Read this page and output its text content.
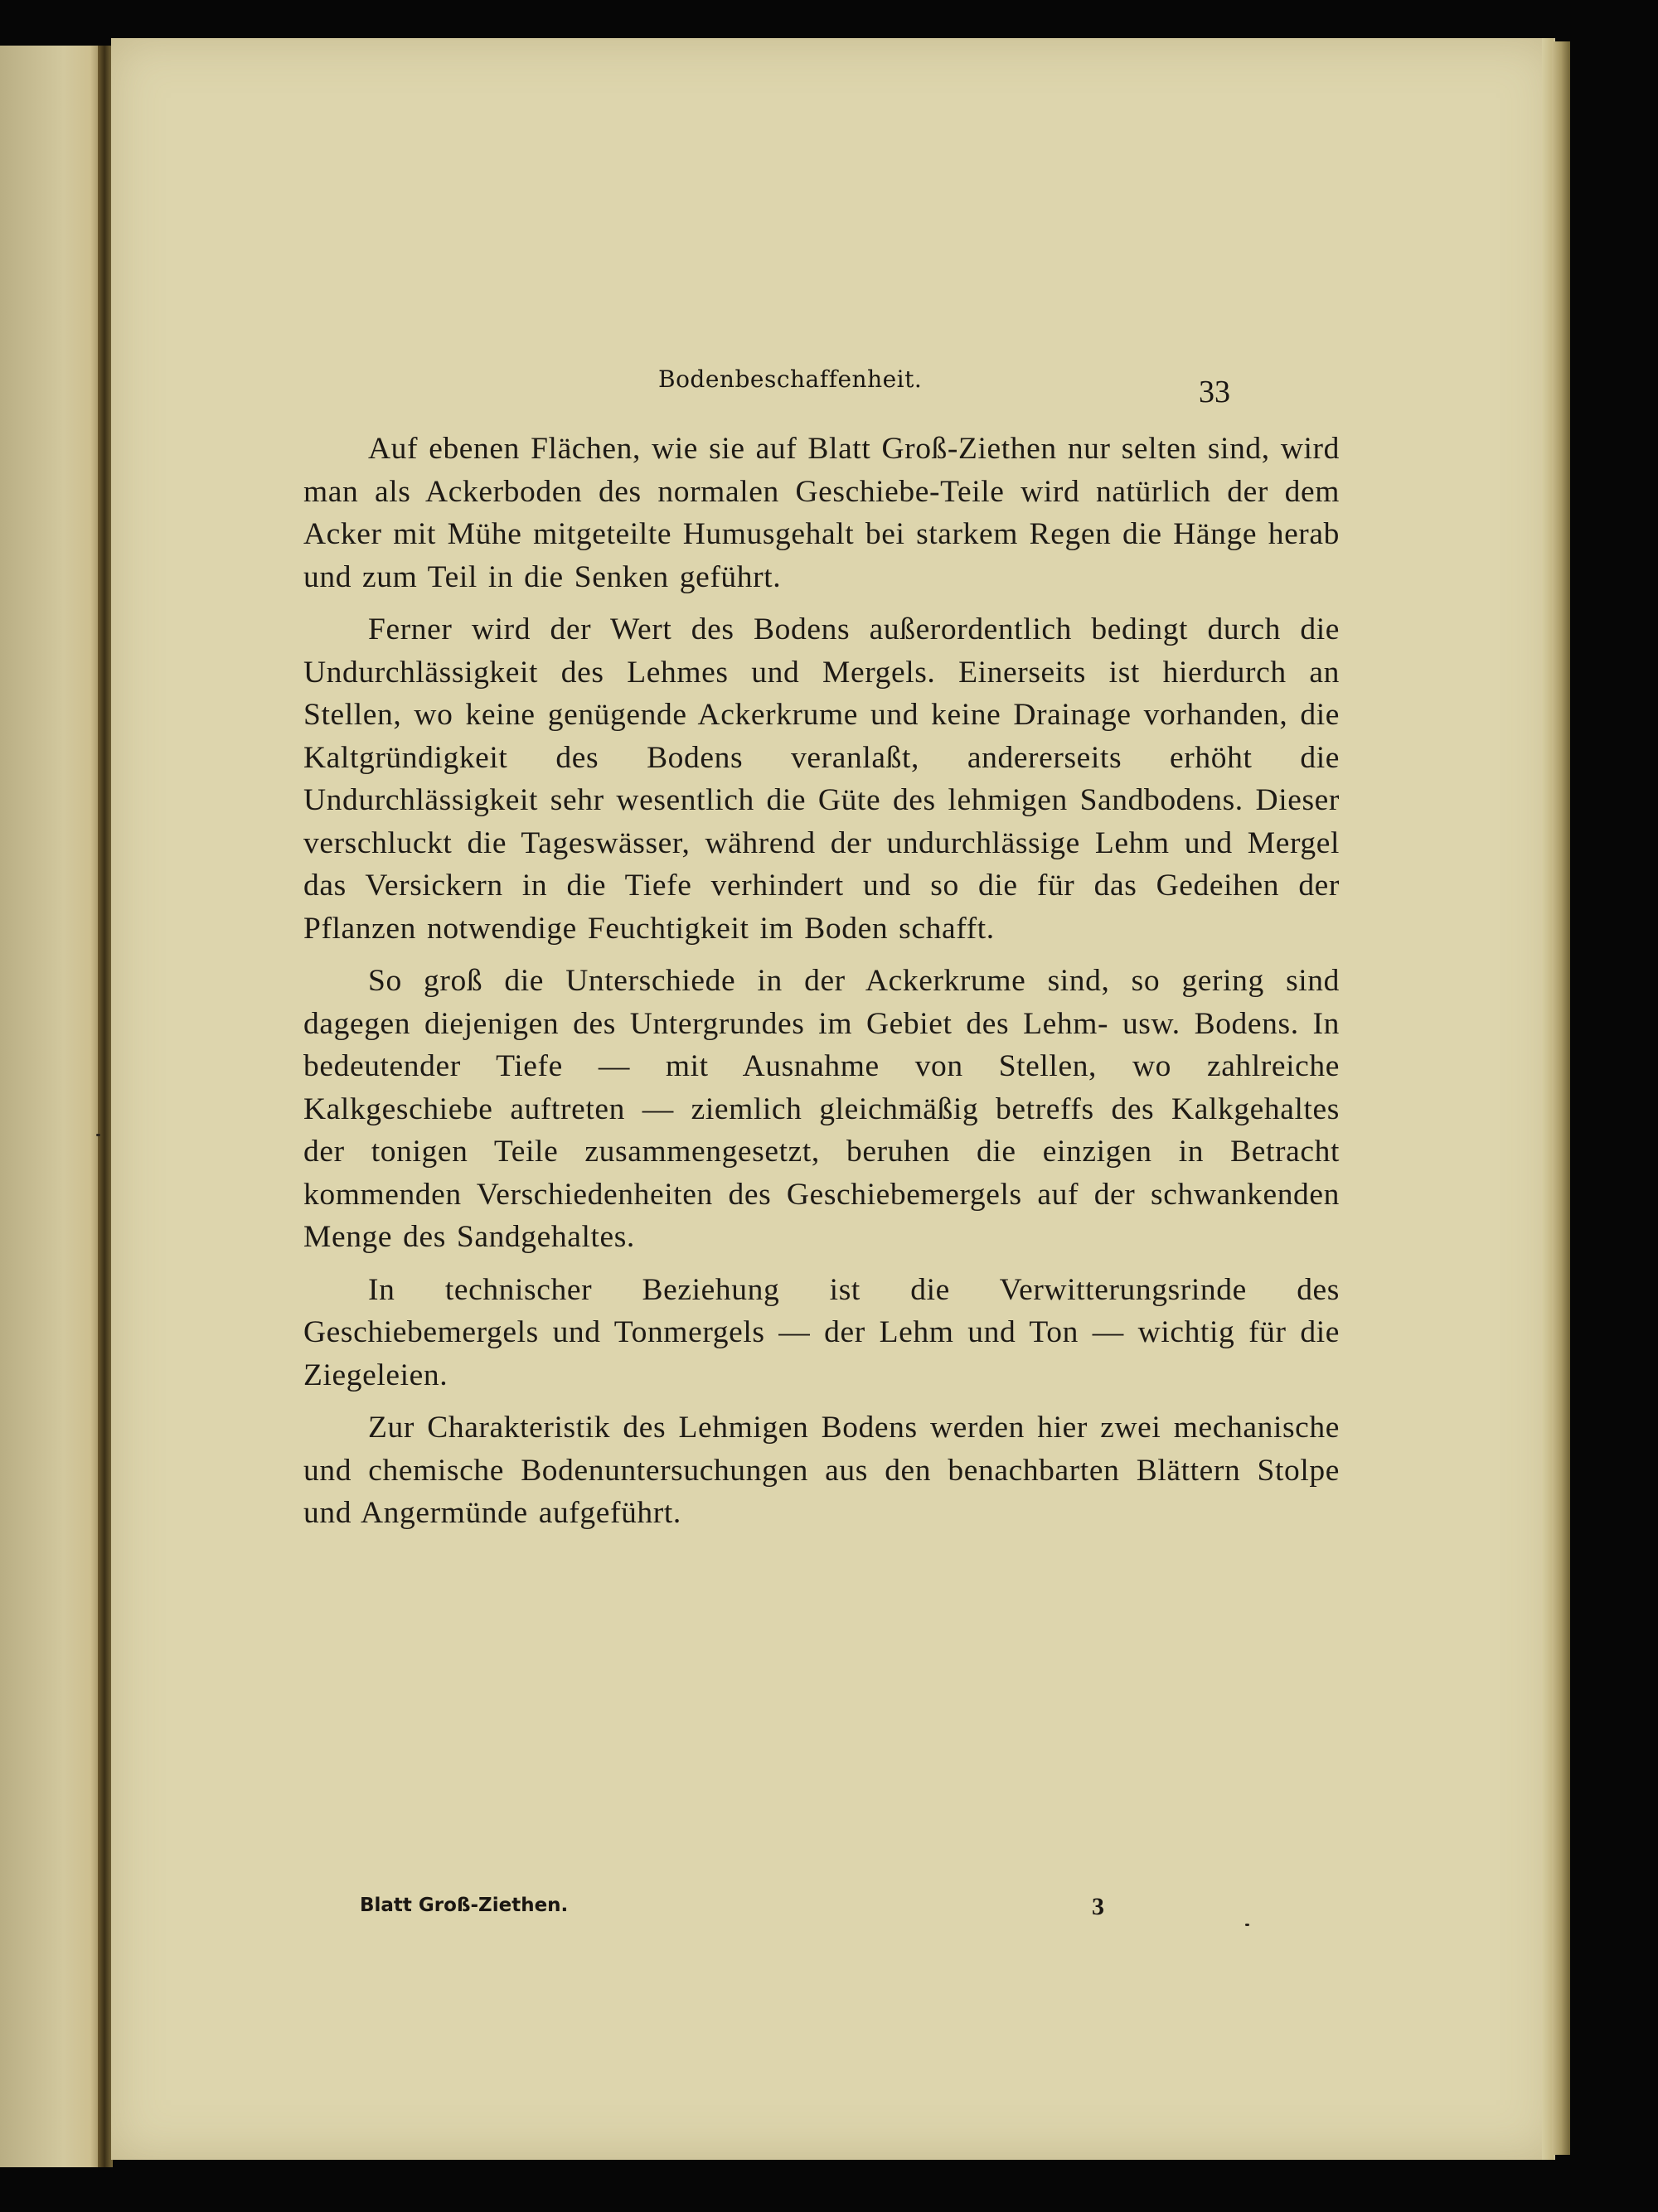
Bodenbeschaffenheit.	33

Auf ebenen Flächen, wie sie auf Blatt Groß-Ziethen nur selten sind, wird man als Ackerboden des normalen Geschiebe-Teile wird natürlich der dem Acker mit Mühe mitgeteilte Humusgehalt bei starkem Regen die Hänge herab und zum Teil in die Senken geführt.

Ferner wird der Wert des Bodens außerordentlich bedingt durch die Undurchlässigkeit des Lehmes und Mergels. Einerseits ist hierdurch an Stellen, wo keine genügende Ackerkrume und keine Drainage vorhanden, die Kaltgründigkeit des Bodens veranlaßt, andererseits erhöht die Undurchlässigkeit sehr wesentlich die Güte des lehmigen Sandbodens. Dieser verschluckt die Tageswässer, während der undurchlässige Lehm und Mergel das Versickern in die Tiefe verhindert und so die für das Gedeihen der Pflanzen notwendige Feuchtigkeit im Boden schafft.

So groß die Unterschiede in der Ackerkrume sind, so gering sind dagegen diejenigen des Untergrundes im Gebiet des Lehm- usw. Bodens. In bedeutender Tiefe — mit Ausnahme von Stellen, wo zahlreiche Kalkgeschiebe auftreten — ziemlich gleichmäßig betreffs des Kalkgehaltes der tonigen Teile zusammengesetzt, beruhen die einzigen in Betracht kommenden Verschiedenheiten des Geschiebemergels auf der schwankenden Menge des Sandgehaltes.

In technischer Beziehung ist die Verwitterungsrinde des Geschiebemergels und Tonmergels — der Lehm und Ton — wichtig für die Ziegeleien.

Zur Charakteristik des Lehmigen Bodens werden hier zwei mechanische und chemische Bodenuntersuchungen aus den benachbarten Blättern Stolpe und Angermünde aufgeführt.

Blatt Groß-Ziethen.	3
